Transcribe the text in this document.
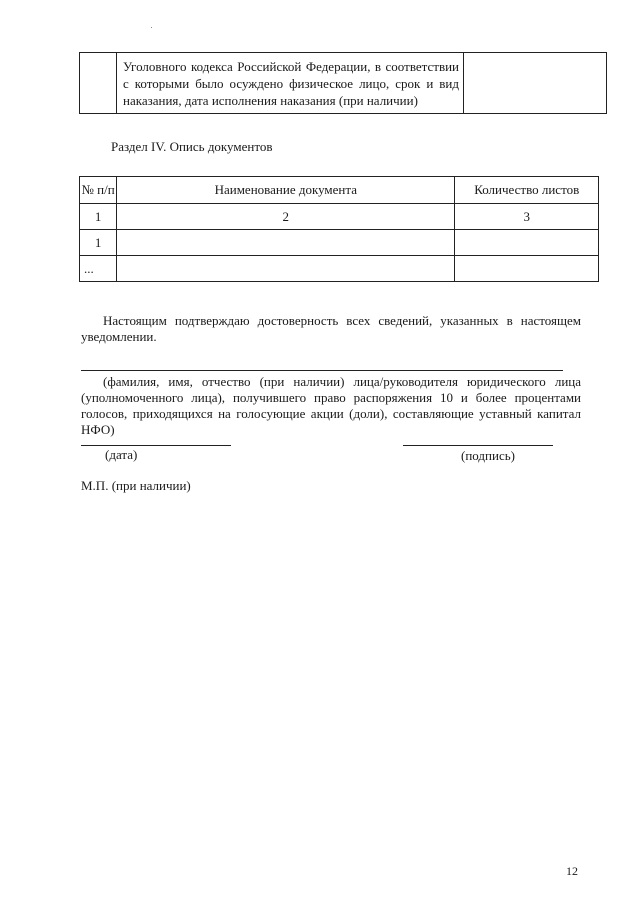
	Уголовного кодекса Российской Федерации, в соответствии с которыми было осуждено физическое лицо, срок и вид наказания, дата исполнения наказания (при наличии)	
Раздел IV. Опись документов
№ п/п	Наименование документа	Количество листов
1	2	3
1		
...		
Настоящим подтверждаю достоверность всех сведений, указанных в настоящем уведомлении.
(фамилия, имя, отчество (при наличии) лица/руководителя юридического лица (уполномоченного лица), получившего право распоряжения 10 и более процентами голосов, приходящихся на голосующие акции (доли), составляющие уставный капитал НФО)
(дата)	(подпись)
М.П. (при наличии)
12
